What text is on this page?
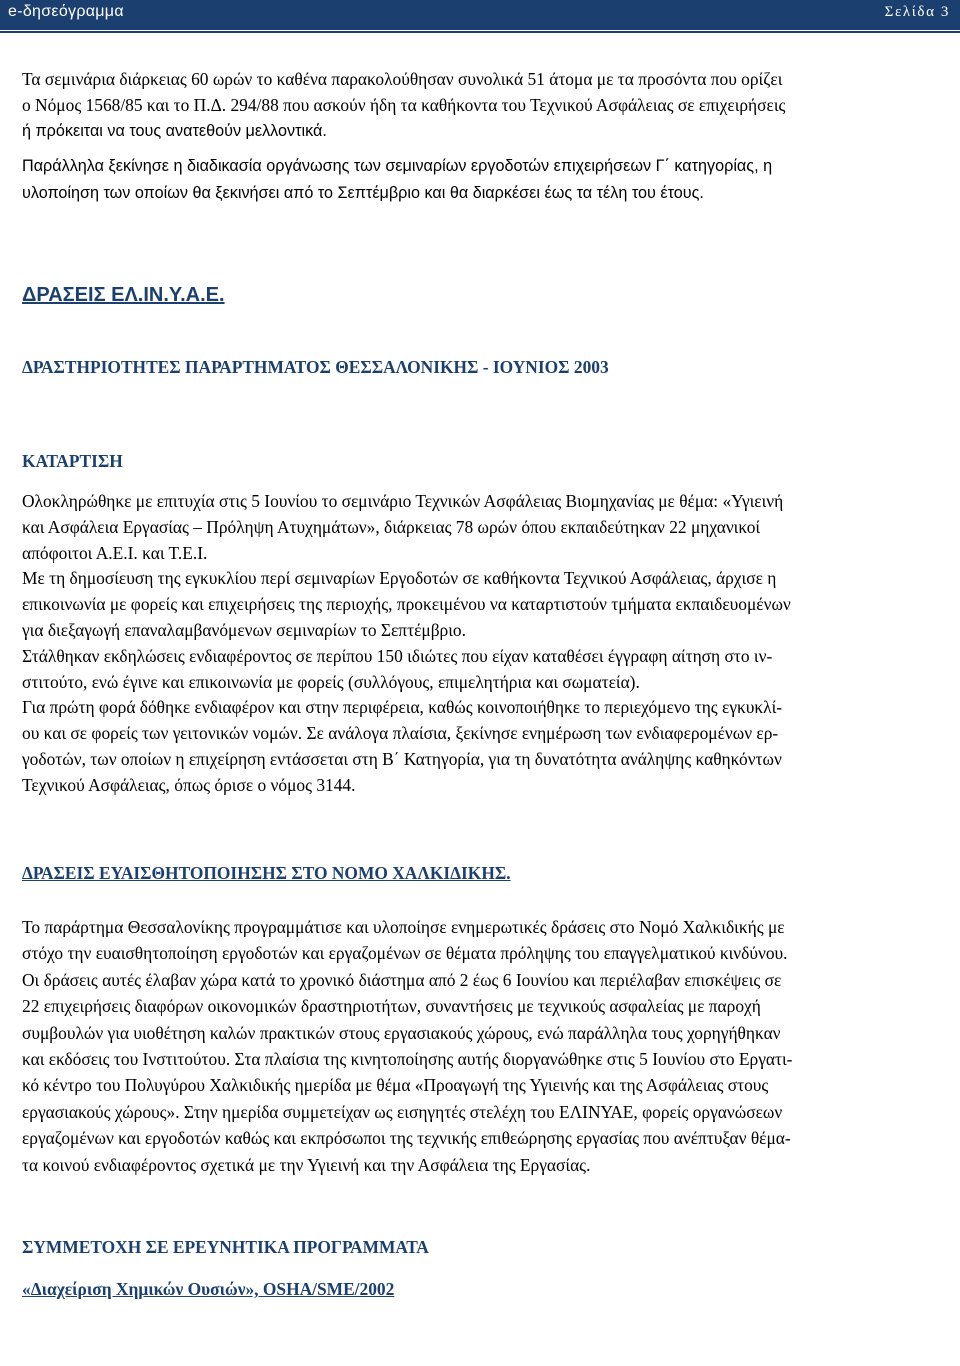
e-δησεόγραμμα	Σελίδα 3
Τα σεμινάρια διάρκειας 60 ωρών το καθένα παρακολούθησαν συνολικά 51 άτομα με τα προσόντα που ορίζει
ο Νόμος 1568/85 και το Π.Δ. 294/88 που ασκούν ήδη τα καθήκοντα του Τεχνικού Ασφάλειας σε επιχειρήσεις
ή πρόκειται να τους ανατεθούν μελλοντικά.
Παράλληλα ξεκίνησε η διαδικασία οργάνωσης των σεμιναρίων εργοδοτών επιχειρήσεων Γ΄ κατηγορίας, η
υλοποίηση των οποίων θα ξεκινήσει από το Σεπτέμβριο και θα διαρκέσει έως τα τέλη του έτους.
ΔΡΑΣΕΙΣ ΕΛ.ΙΝ.Υ.Α.Ε.
ΔΡΑΣΤΗΡΙΟΤΗΤΕΣ ΠΑΡΑΡΤΗΜΑΤΟΣ ΘΕΣΣΑΛΟΝΙΚΗΣ - ΙΟΥΝΙΟΣ 2003
ΚΑΤΑΡΤΙΣΗ
Ολοκληρώθηκε με επιτυχία στις 5 Ιουνίου το σεμινάριο Τεχνικών Ασφάλειας Βιομηχανίας με θέμα: «Υγιεινή
και Ασφάλεια Εργασίας – Πρόληψη Ατυχημάτων», διάρκειας 78 ωρών όπου εκπαιδεύτηκαν 22 μηχανικοί
απόφοιτοι Α.Ε.Ι. και Τ.Ε.Ι.
Με τη δημοσίευση της εγκυκλίου περί σεμιναρίων Εργοδοτών σε καθήκοντα Τεχνικού Ασφάλειας, άρχισε η
επικοινωνία με φορείς και επιχειρήσεις της περιοχής, προκειμένου να καταρτιστούν τμήματα εκπαιδευομένων
για διεξαγωγή επαναλαμβανόμενων σεμιναρίων το Σεπτέμβριο.
Στάλθηκαν εκδηλώσεις ενδιαφέροντος σε περίπου 150 ιδιώτες που είχαν καταθέσει έγγραφη αίτηση στο ιν-
στιτούτο, ενώ έγινε και επικοινωνία με φορείς (συλλόγους, επιμελητήρια και σωματεία).
Για πρώτη φορά δόθηκε ενδιαφέρον και στην περιφέρεια, καθώς κοινοποιήθηκε το περιεχόμενο της εγκυκλί-
ου και σε φορείς των γειτονικών νομών. Σε ανάλογα πλαίσια, ξεκίνησε ενημέρωση των ενδιαφερομένων ερ-
γοδοτών, των οποίων η επιχείρηση εντάσσεται στη Β΄ Κατηγορία, για τη δυνατότητα ανάληψης καθηκόντων
Τεχνικού Ασφάλειας, όπως όρισε ο νόμος 3144.
ΔΡΑΣΕΙΣ ΕΥΑΙΣΘΗΤΟΠΟΙΗΣΗΣ ΣΤΟ ΝΟΜΟ ΧΑΛΚΙΔΙΚΗΣ.
Το παράρτημα Θεσσαλονίκης προγραμμάτισε και υλοποίησε ενημερωτικές δράσεις στο Νομό Χαλκιδικής με
στόχο την ευαισθητοποίηση εργοδοτών και εργαζομένων σε θέματα πρόληψης του επαγγελματικού κινδύνου.
Οι δράσεις αυτές έλαβαν χώρα κατά το χρονικό διάστημα από 2 έως 6 Ιουνίου και περιέλαβαν επισκέψεις σε
22 επιχειρήσεις διαφόρων οικονομικών δραστηριοτήτων, συναντήσεις με τεχνικούς ασφαλείας με παροχή
συμβουλών για υιοθέτηση καλών πρακτικών στους εργασιακούς χώρους, ενώ παράλληλα τους χορηγήθηκαν
και εκδόσεις του Ινστιτούτου. Στα πλαίσια της κινητοποίησης αυτής διοργανώθηκε στις 5 Ιουνίου στο Εργατι-
κό κέντρο του Πολυγύρου Χαλκιδικής ημερίδα με θέμα «Προαγωγή της Υγιεινής και της Ασφάλειας στους
εργασιακούς χώρους». Στην ημερίδα συμμετείχαν ως εισηγητές στελέχη του ΕΛΙΝΥΑΕ, φορείς οργανώσεων
εργαζομένων και εργοδοτών καθώς και εκπρόσωποι της τεχνικής επιθεώρησης εργασίας που ανέπτυξαν θέμα-
τα κοινού ενδιαφέροντος σχετικά με την Υγιεινή και την Ασφάλεια της Εργασίας.
ΣΥΜΜΕΤΟΧΗ ΣΕ ΕΡΕΥΝΗΤΙΚΑ ΠΡΟΓΡΑΜΜΑΤΑ
«Διαχείριση Χημικών Ουσιών», OSHA/SME/2002
